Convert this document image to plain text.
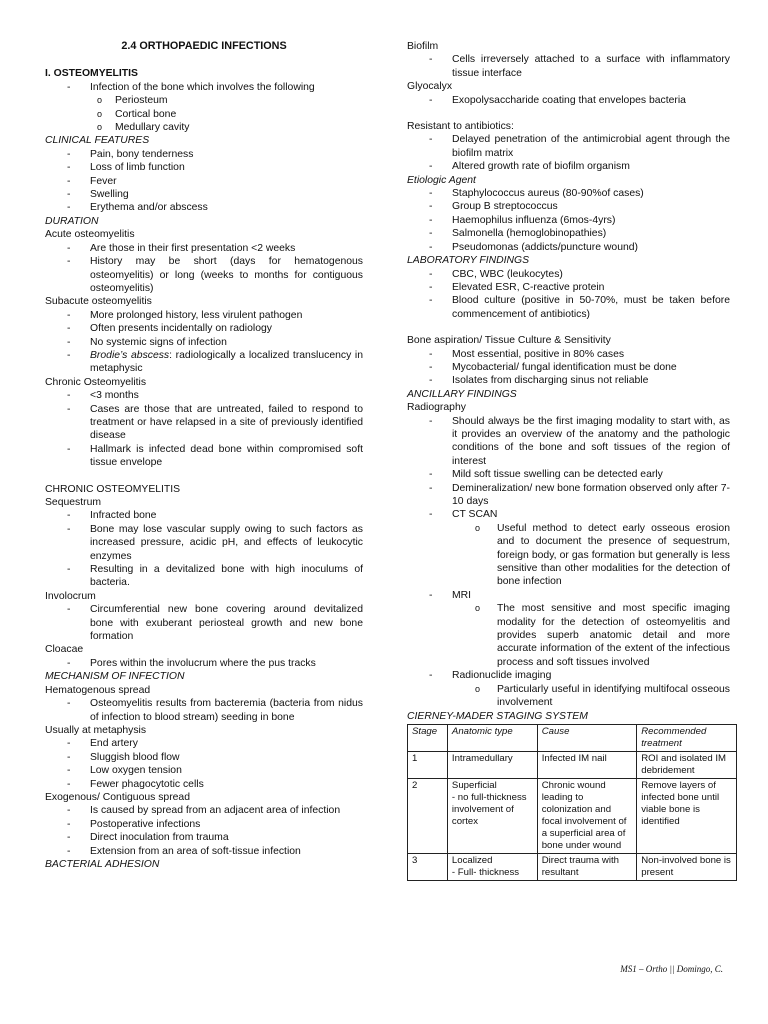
2.4 ORTHOPAEDIC INFECTIONS

I. OSTEOMYELITIS

- Infection of the bone which involves the following
o Periosteum
o Cortical bone
o Medullary cavity

CLINICAL FEATURES

- Pain, bony tenderness
- Loss of limb function
- Fever
- Swelling
- Erythema and/or abscess

DURATION

Acute osteomyelitis

- Are those in their first presentation <2 weeks
- History may be short (days for hematogenous osteomyelitis) or long (weeks to months for contiguous osteomyelitis)

Subacute osteomyelitis

- More prolonged history, less virulent pathogen
- Often presents incidentally on radiology
- No systemic signs of infection
- Brodie’s abscess: radiologically a localized translucency in metaphysic

Chronic Osteomyelitis

- <3 months
- Cases are those that are untreated, failed to respond to treatment or have relapsed in a site of previously identified disease
- Hallmark is infected dead bone within compromised soft tissue envelope

CHRONIC OSTEOMYELITIS

Sequestrum

- Infracted bone
- Bone may lose vascular supply owing to such factors as increased pressure, acidic pH, and effects of leukocytic enzymes
- Resulting in a devitalized bone with high inoculums of bacteria.

Involocrum

- Circumferential new bone covering around devitalized bone with exuberant periosteal growth and new bone formation

Cloacae

- Pores within the involucrum where the pus tracks

MECHANISM OF INFECTION

Hematogenous spread

- Osteomyelitis results from bacteremia (bacteria from nidus of infection to blood stream) seeding in bone

Usually at metaphysis

- End artery
- Sluggish blood flow
- Low oxygen tension
- Fewer phagocytotic cells

Exogenous/ Contiguous spread

- Is caused by spread from an adjacent area of infection
- Postoperative infections
- Direct inoculation from trauma
- Extension from an area of soft-tissue infection

BACTERIAL ADHESION

Biofilm

- Cells irreversely attached to a surface with inflammatory tissue interface

Glyocalyx

- Exopolysaccharide coating that envelopes bacteria

Resistant to antibiotics:

- Delayed penetration of the antimicrobial agent through the biofilm matrix
- Altered growth rate of biofilm organism

Etiologic Agent

- Staphylococcus aureus (80-90%of cases)
- Group B streptococcus
- Haemophilus influenza (6mos-4yrs)
- Salmonella (hemoglobinopathies)
- Pseudomonas (addicts/puncture wound)

LABORATORY FINDINGS

- CBC, WBC (leukocytes)
- Elevated ESR, C-reactive protein
- Blood culture (positive in 50-70%, must be taken before commencement of antibiotics)

Bone aspiration/ Tissue Culture & Sensitivity

- Most essential, positive in 80% cases
- Mycobacterial/ fungal identification must be done
- Isolates from discharging sinus not reliable

ANCILLARY FINDINGS

Radiography

- Should always be the first imaging modality to start with, as it provides an overview of the anatomy and the pathologic conditions of the bone and soft tissues of the region of interest
- Mild soft tissue swelling can be detected early
- Demineralization/ new bone formation observed only after 7-10 days
- CT SCAN
o Useful method to detect early osseous erosion and to document the presence of sequestrum, foreign body, or gas formation but generally is less sensitive than other modalities for the detection of bone infection
- MRI
o The most sensitive and most specific imaging modality for the detection of osteomyelitis and provides superb anatomic detail and more accurate information of the extent of the infectious process and soft tissues involved
- Radionuclide imaging
o Particularly useful in identifying multifocal osseous involvement

CIERNEY-MADER STAGING SYSTEM

Stage	Anatomic type	Cause	Recommended treatment
1	Intramedullary	Infected IM nail	ROI and isolated IM debridement
2	Superficial
- no full-thickness involvement of cortex	Chronic wound leading to colonization and focal involvement of a superficial area of bone under wound	Remove layers of infected bone until viable bone is identified
3	Localized
- Full- thickness	Direct trauma with resultant	Non-involved bone is present
MS1 – Ortho || Domingo, C.
